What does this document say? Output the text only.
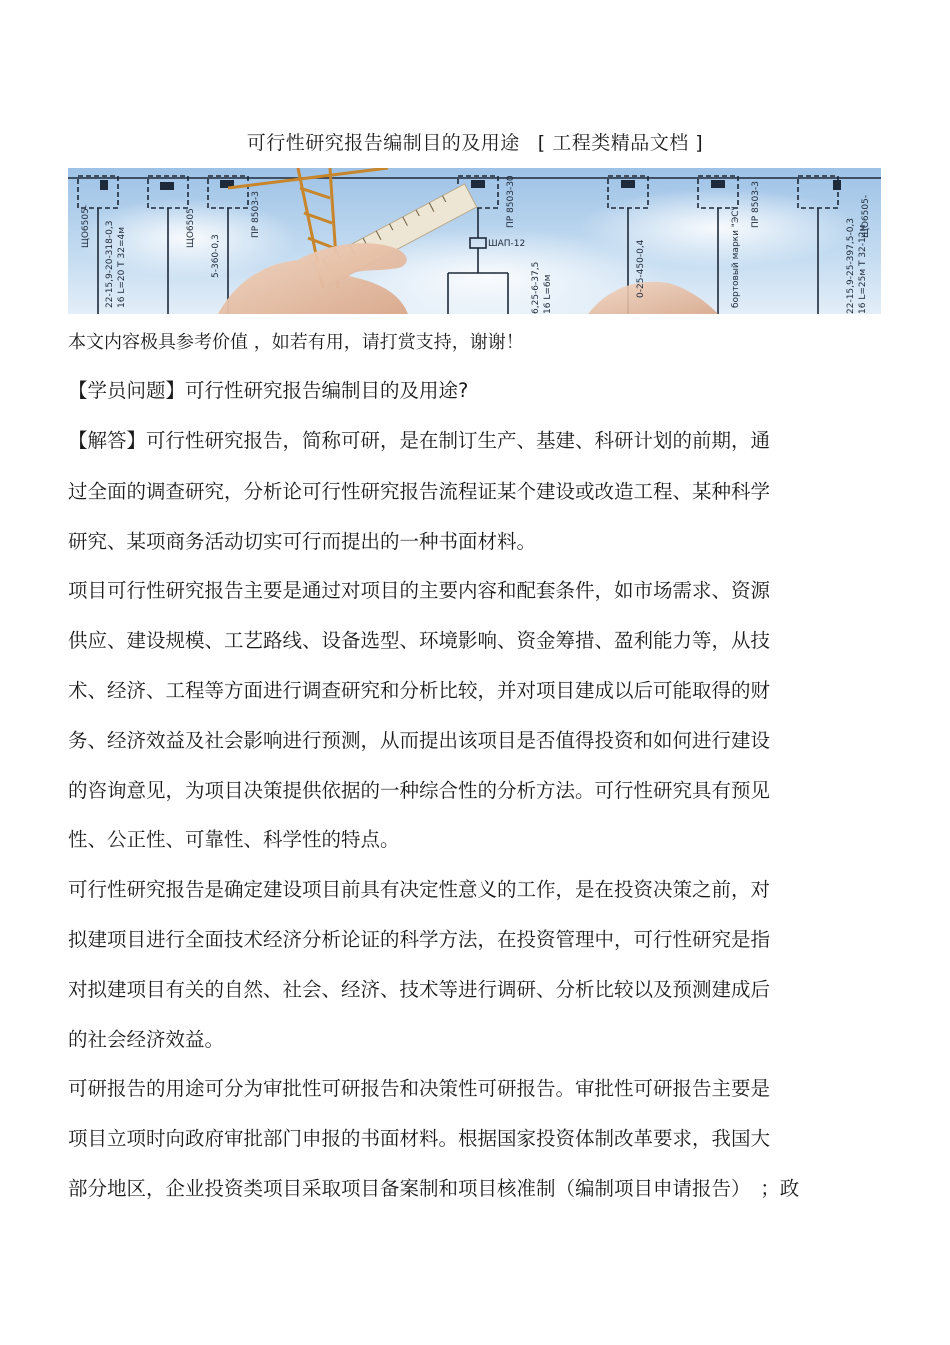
可行性研究报告编制目的及用途 [ 工程类精品文档 ]
ЩО6505- 22-15,9-20-318-0,3 16 L=20 T 32=4м	ЩО6505
5-360-0,3
ПР 8503-3
ШАП-12
ПР 8503-30
6,25-6-37,5 16 L=6м	0-25-450-0,4
ПР 8503-3
бортовый марки "ЭС"	ЩО6505-
22-15,9-25-397,5-0,3 16 L=25м T 32-12м
本文内容极具参考价值 ，如若有用，请打赏支持，谢谢！
【学员问题】可行性研究报告编制目的及用途?
【解答】可行性研究报告，简称可研，是在制订生产、基建、科研计划的前期，通
过全面的调查研究，分析论可行性研究报告流程证某个建设或改造工程、某种科学
研究、某项商务活动切实可行而提出的一种书面材料。
项目可行性研究报告主要是通过对项目的主要内容和配套条件，如市场需求、资源
供应、建设规模、工艺路线、设备选型、环境影响、资金筹措、盈利能力等，从技
术、经济、工程等方面进行调查研究和分析比较，并对项目建成以后可能取得的财
务、经济效益及社会影响进行预测，从而提出该项目是否值得投资和如何进行建设
的咨询意见，为项目决策提供依据的一种综合性的分析方法。可行性研究具有预见
性、公正性、可靠性、科学性的特点。
可行性研究报告是确定建设项目前具有决定性意义的工作，是在投资决策之前，对
拟建项目进行全面技术经济分析论证的科学方法，在投资管理中，可行性研究是指
对拟建项目有关的自然、社会、经济、技术等进行调研、分析比较以及预测建成后
的社会经济效益。
可研报告的用途可分为审批性可研报告和决策性可研报告。审批性可研报告主要是
项目立项时向政府审批部门申报的书面材料。根据国家投资体制改革要求，我国大
部分地区，企业投资类项目采取项目备案制和项目核准制（编制项目申请报告）　；政
